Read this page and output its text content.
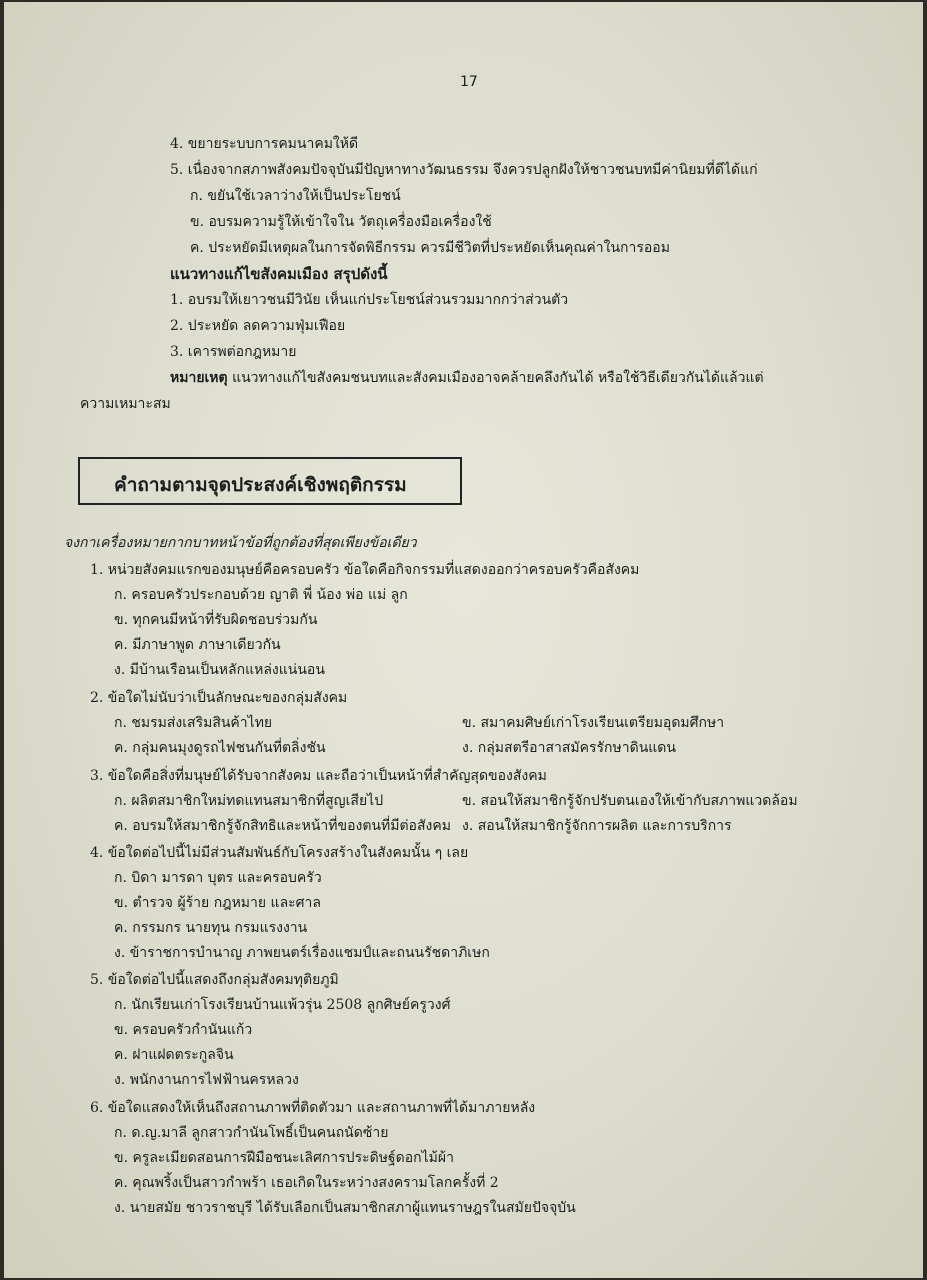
17
4. ขยายระบบการคมนาคมให้ดี
5. เนื่องจากสภาพสังคมปัจจุบันมีปัญหาทางวัฒนธรรม จึงควรปลูกฝังให้ชาวชนบทมีค่านิยมที่ดีได้แก่
ก. ขยันใช้เวลาว่างให้เป็นประโยชน์
ข. อบรมความรู้ให้เข้าใจใน วัตถุเครื่องมือเครื่องใช้
ค. ประหยัดมีเหตุผลในการจัดพิธีกรรม ควรมีชีวิตที่ประหยัดเห็นคุณค่าในการออม
แนวทางแก้ไขสังคมเมือง สรุปดังนี้
1. อบรมให้เยาวชนมีวินัย เห็นแก่ประโยชน์ส่วนรวมมากกว่าส่วนตัว
2. ประหยัด ลดความฟุ่มเฟือย
3. เคารพต่อกฎหมาย
หมายเหตุ แนวทางแก้ไขสังคมชนบทและสังคมเมืองอาจคล้ายคลึงกันได้ หรือใช้วิธีเดียวกันได้แล้วแต่
ความเหมาะสม
คำถามตามจุดประสงค์เชิงพฤติกรรม
จงกาเครื่องหมายกากบาทหน้าข้อที่ถูกต้องที่สุดเพียงข้อเดียว
1. หน่วยสังคมแรกของมนุษย์คือครอบครัว ข้อใดคือกิจกรรมที่แสดงออกว่าครอบครัวคือสังคม
ก. ครอบครัวประกอบด้วย ญาติ พี่ น้อง พ่อ แม่ ลูก
ข. ทุกคนมีหน้าที่รับผิดชอบร่วมกัน
ค. มีภาษาพูด ภาษาเดียวกัน
ง. มีบ้านเรือนเป็นหลักแหล่งแน่นอน
2. ข้อใดไม่นับว่าเป็นลักษณะของกลุ่มสังคม
ก. ชมรมส่งเสริมสินค้าไทย	ข. สมาคมศิษย์เก่าโรงเรียนเตรียมอุดมศึกษา
ค. กลุ่มคนมุงดูรถไฟชนกันที่ตลิ่งชัน	ง. กลุ่มสตรีอาสาสมัครรักษาดินแดน
3. ข้อใดคือสิ่งที่มนุษย์ได้รับจากสังคม และถือว่าเป็นหน้าที่สำคัญสุดของสังคม
ก. ผลิตสมาชิกใหม่ทดแทนสมาชิกที่สูญเสียไป	ข. สอนให้สมาชิกรู้จักปรับตนเองให้เข้ากับสภาพแวดล้อม
ค. อบรมให้สมาชิกรู้จักสิทธิและหน้าที่ของตนที่มีต่อสังคม ง. สอนให้สมาชิกรู้จักการผลิต และการบริการ
4. ข้อใดต่อไปนี้ไม่มีส่วนสัมพันธ์กับโครงสร้างในสังคมนั้น ๆ เลย
ก. บิดา มารดา บุตร และครอบครัว
ข. ตำรวจ ผู้ร้าย กฎหมาย และศาล
ค. กรรมกร นายทุน กรมแรงงาน
ง. ข้าราชการบำนาญ ภาพยนตร์เรื่องแชมป์และถนนรัชดาภิเษก
5. ข้อใดต่อไปนี้แสดงถึงกลุ่มสังคมทุติยภูมิ
ก. นักเรียนเก่าโรงเรียนบ้านแพ้วรุ่น 2508 ลูกศิษย์ครูวงศ์
ข. ครอบครัวกำนันแก้ว
ค. ฝาแฝดตระกูลจิน
ง. พนักงานการไฟฟ้านครหลวง
6. ข้อใดแสดงให้เห็นถึงสถานภาพที่ติดตัวมา และสถานภาพที่ได้มาภายหลัง
ก. ด.ญ.มาลี ลูกสาวกำนันโพธิ์เป็นคนถนัดซ้าย
ข. ครูละเมียดสอนการฝีมือชนะเลิศการประดิษฐ์ดอกไม้ผ้า
ค. คุณพริ้งเป็นสาวกำพร้า เธอเกิดในระหว่างสงครามโลกครั้งที่ 2
ง. นายสมัย ชาวราชบุรี ได้รับเลือกเป็นสมาชิกสภาผู้แทนราษฎรในสมัยปัจจุบัน
